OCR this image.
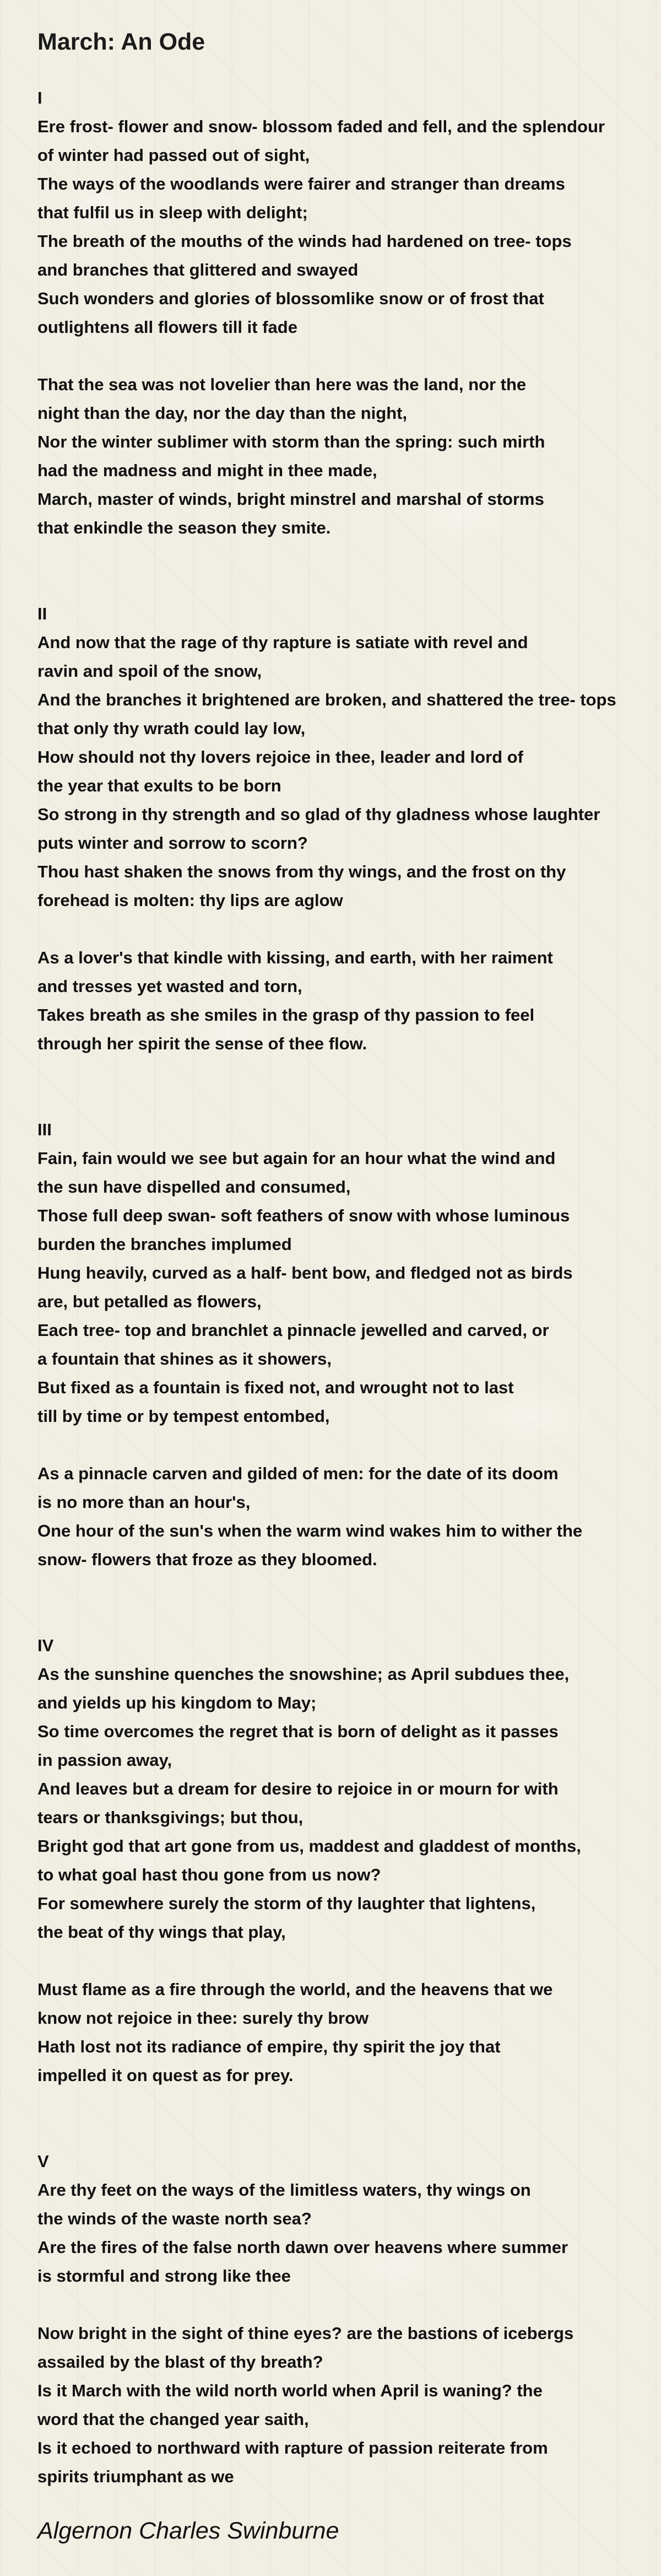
March: An Ode
I
Ere frost- flower and snow- blossom faded and fell, and the splendour
of winter had passed out of sight,
The ways of the woodlands were fairer and stranger than dreams
that fulfil us in sleep with delight;
The breath of the mouths of the winds had hardened on tree- tops
and branches that glittered and swayed
Such wonders and glories of blossomlike snow or of frost that
outlightens all flowers till it fade
That the sea was not lovelier than here was the land, nor the
night than the day, nor the day than the night,
Nor the winter sublimer with storm than the spring: such mirth
had the madness and might in thee made,
March, master of winds, bright minstrel and marshal of storms
that enkindle the season they smite.
II
And now that the rage of thy rapture is satiate with revel and
ravin and spoil of the snow,
And the branches it brightened are broken, and shattered the tree- tops
that only thy wrath could lay low,
How should not thy lovers rejoice in thee, leader and lord of
the year that exults to be born
So strong in thy strength and so glad of thy gladness whose laughter
puts winter and sorrow to scorn?
Thou hast shaken the snows from thy wings, and the frost on thy
forehead is molten: thy lips are aglow
As a lover's that kindle with kissing, and earth, with her raiment
and tresses yet wasted and torn,
Takes breath as she smiles in the grasp of thy passion to feel
through her spirit the sense of thee flow.
III
Fain, fain would we see but again for an hour what the wind and
the sun have dispelled and consumed,
Those full deep swan- soft feathers of snow with whose luminous
burden the branches implumed
Hung heavily, curved as a half- bent bow, and fledged not as birds
are, but petalled as flowers,
Each tree- top and branchlet a pinnacle jewelled and carved, or
a fountain that shines as it showers,
But fixed as a fountain is fixed not, and wrought not to last
till by time or by tempest entombed,
As a pinnacle carven and gilded of men: for the date of its doom
is no more than an hour's,
One hour of the sun's when the warm wind wakes him to wither the
snow- flowers that froze as they bloomed.
IV
As the sunshine quenches the snowshine; as April subdues thee,
and yields up his kingdom to May;
So time overcomes the regret that is born of delight as it passes
in passion away,
And leaves but a dream for desire to rejoice in or mourn for with
tears or thanksgivings; but thou,
Bright god that art gone from us, maddest and gladdest of months,
to what goal hast thou gone from us now?
For somewhere surely the storm of thy laughter that lightens,
the beat of thy wings that play,
Must flame as a fire through the world, and the heavens that we
know not rejoice in thee: surely thy brow
Hath lost not its radiance of empire, thy spirit the joy that
impelled it on quest as for prey.
V
Are thy feet on the ways of the limitless waters, thy wings on
the winds of the waste north sea?
Are the fires of the false north dawn over heavens where summer
is stormful and strong like thee
Now bright in the sight of thine eyes? are the bastions of icebergs
assailed by the blast of thy breath?
Is it March with the wild north world when April is waning? the
word that the changed year saith,
Is it echoed to northward with rapture of passion reiterate from
spirits triumphant as we
Algernon Charles Swinburne
